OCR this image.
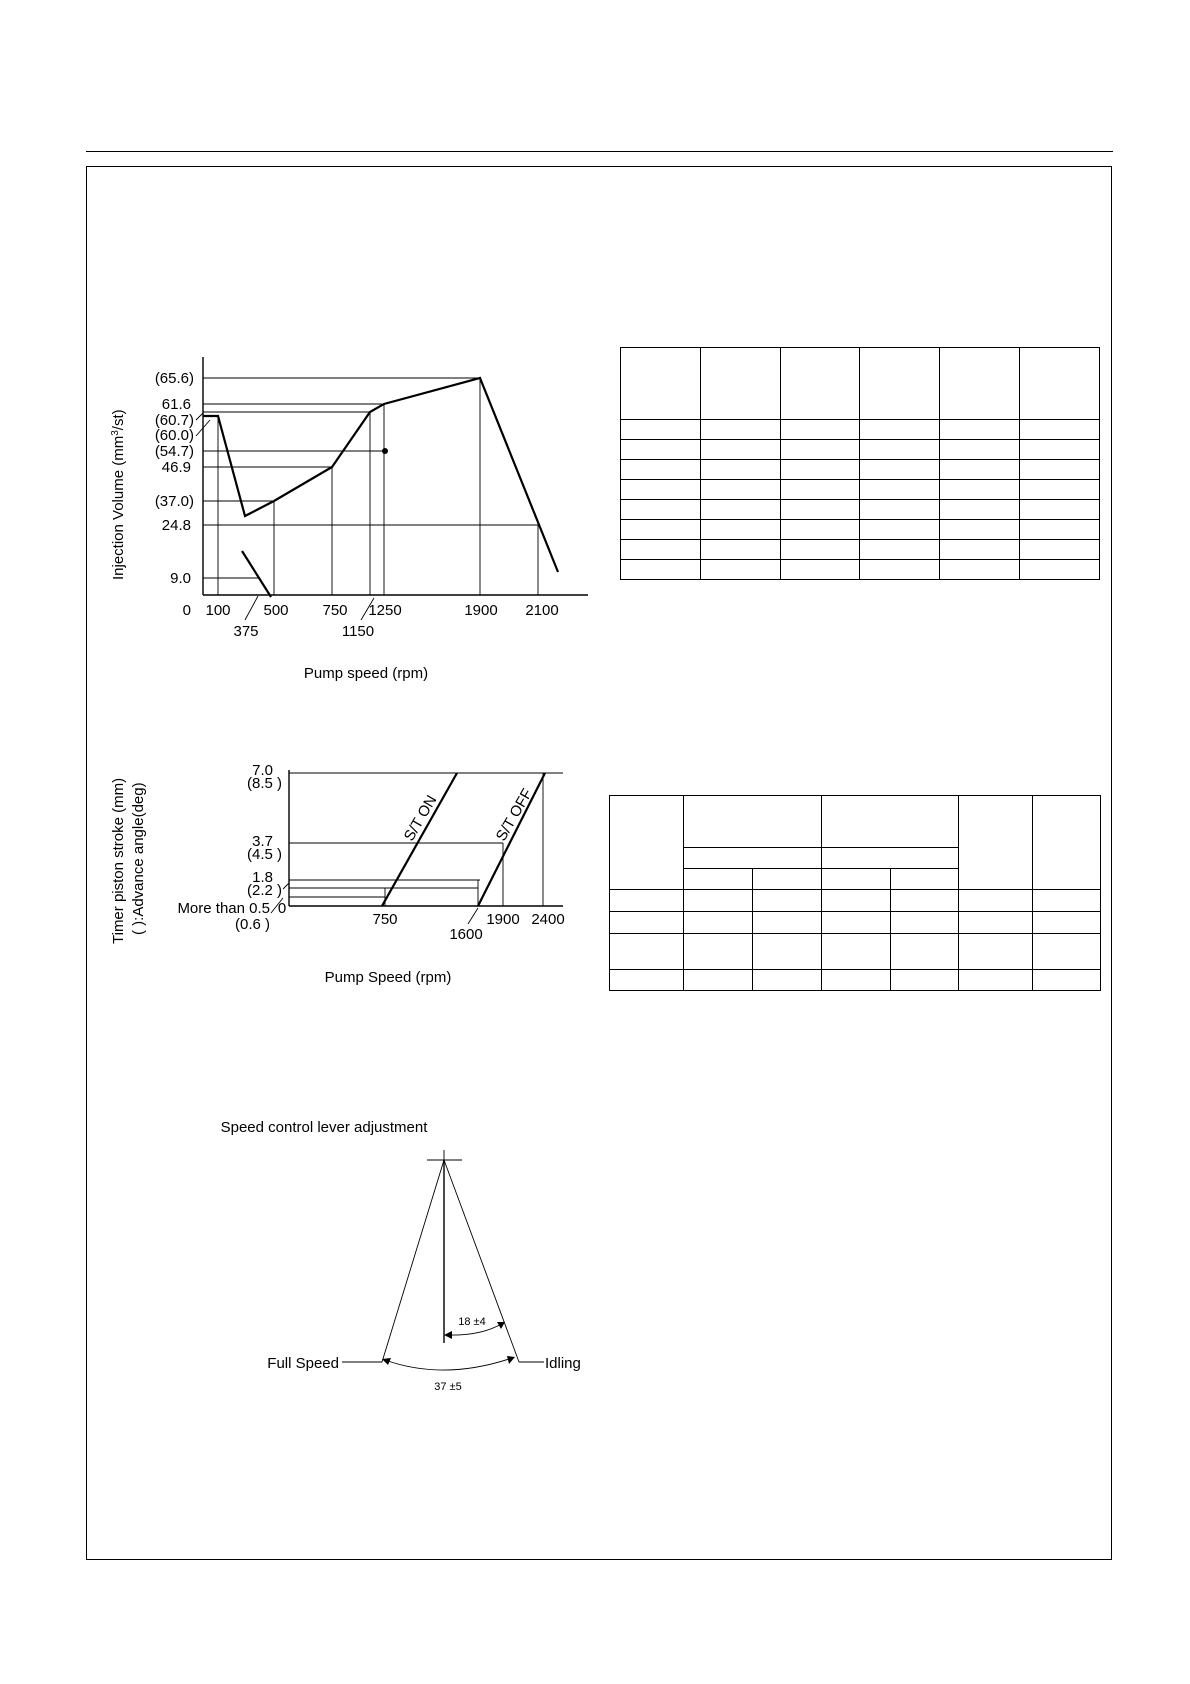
Injection Volume $(mm^3/st)$
(65.6)
61.6
(60.7)
(60.0)
(54.7)
46.9
(37.0)
24.8
9.0
0 100 500 750 1250	1900 2100
375	1150
Pump speed (rpm)
Timer piston stroke (mm) ( ):Advance angle(deg)	S/T ON	S/T OFF
7.0
(8.5 )
3.7
(4.5 )
1.8
(2.2 )
More than 0.5
(0.6 )
0
750	1900 2400
1600
Pump Speed (rpm)
Speed control lever adjustment
18 ±4
37 ±5
Full Speed	Idling
